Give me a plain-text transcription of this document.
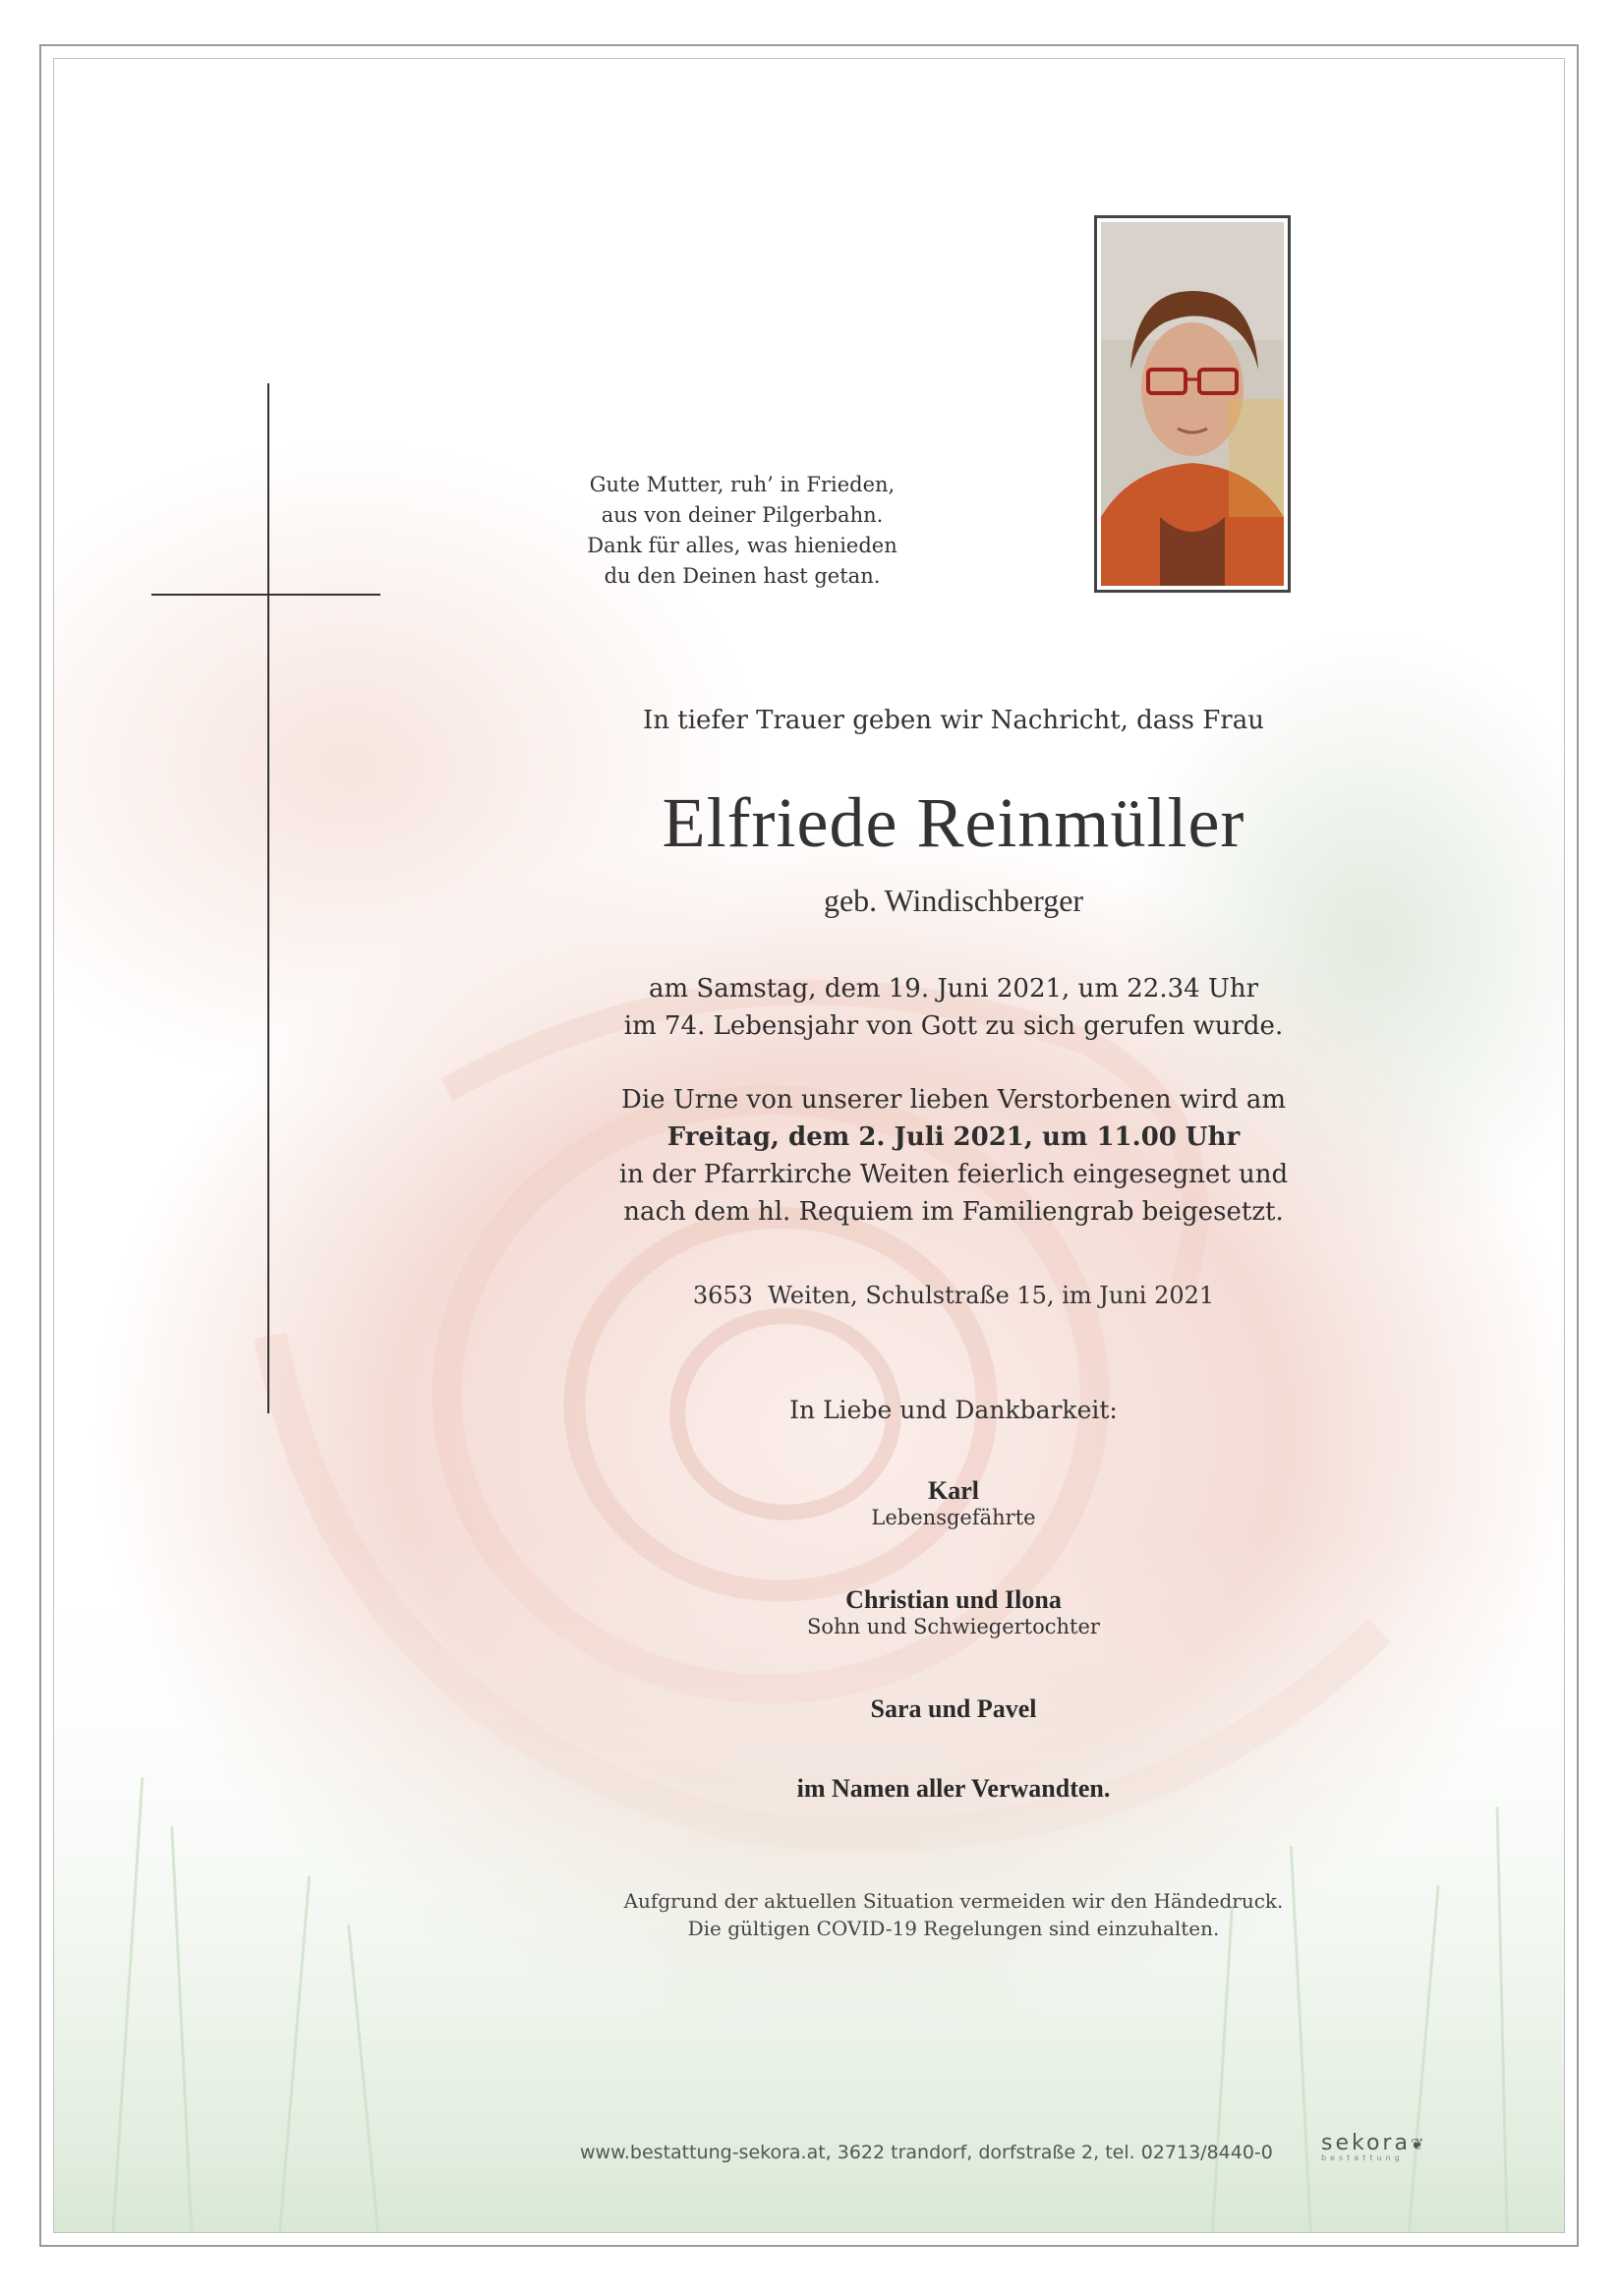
Gute Mutter, ruh’ in Frieden,
aus von deiner Pilgerbahn.
Dank für alles, was hienieden
du den Deinen hast getan.
In tiefer Trauer geben wir Nachricht, dass Frau
Elfriede Reinmüller
geb. Windischberger
am Samstag, dem 19. Juni 2021, um 22.34 Uhr
im 74. Lebensjahr von Gott zu sich gerufen wurde.
Die Urne von unserer lieben Verstorbenen wird am
Freitag, dem 2. Juli 2021, um 11.00 Uhr
in der Pfarrkirche Weiten feierlich eingesegnet und
nach dem hl. Requiem im Familiengrab beigesetzt.
3653  Weiten, Schulstraße 15, im Juni 2021
In Liebe und Dankbarkeit:
Karl
Lebensgefährte
Christian und Ilona
Sohn und Schwiegertochter
Sara und Pavel
im Namen aller Verwandten.
Aufgrund der aktuellen Situation vermeiden wir den Händedruck.
Die gültigen COVID-19 Regelungen sind einzuhalten.
www.bestattung-sekora.at, 3622 trandorf, dorfstraße 2, tel. 02713/8440-0 sekora❦
bestattung
